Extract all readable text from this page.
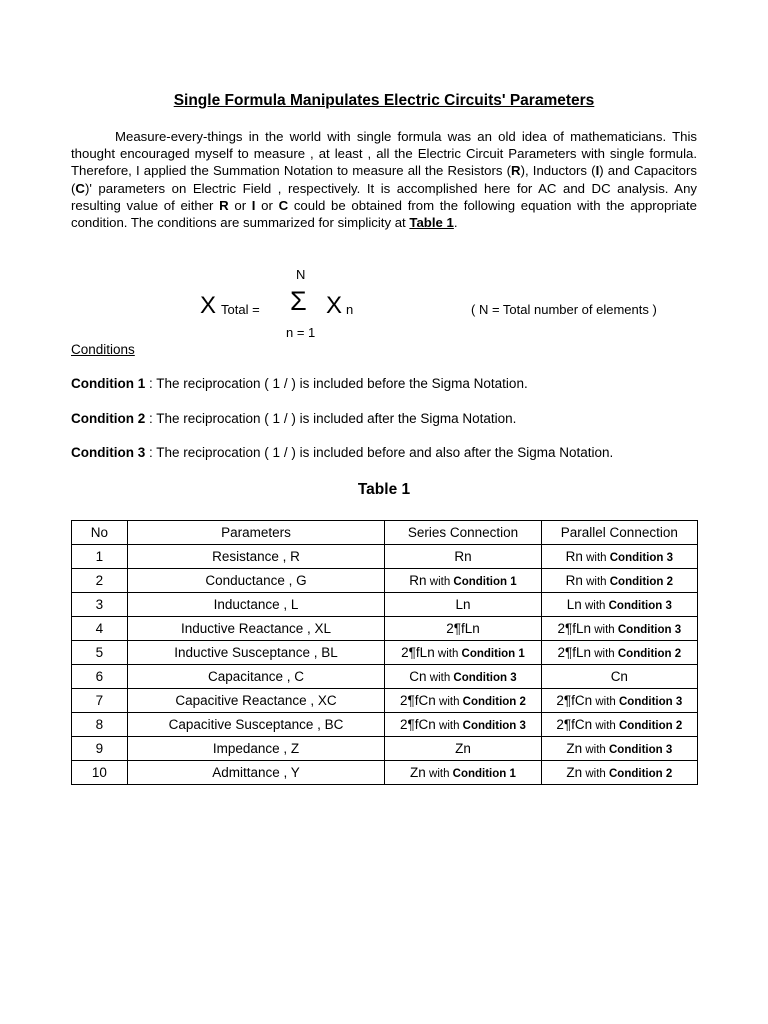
Single Formula Manipulates Electric Circuits' Parameters

Measure-every-things in the world with single formula was an old idea of mathematicians. This thought encouraged myself to measure , at least , all the Electric Circuit Parameters with single formula. Therefore, I applied the Summation Notation to measure all the Resistors (R), Inductors (I) and Capacitors (C)' parameters on Electric Field , respectively. It is accomplished here for AC and DC analysis. Any resulting value of either R or I or C could be obtained from the following equation with the appropriate condition. The conditions are summarized for simplicity at Table 1.

N
X Total = Σ X n
n = 1
( N = Total number of elements )
Conditions
Condition 1 : The reciprocation ( 1 / ) is included before the Sigma Notation.
Condition 2 : The reciprocation ( 1 / ) is included after the Sigma Notation.
Condition 3 : The reciprocation ( 1 / ) is included before and also after the Sigma Notation.
Table 1
No	Parameters	Series Connection	Parallel Connection
1	Resistance , R	Rn	Rn with Condition 3
2	Conductance , G	Rn with Condition 1	Rn with Condition 2
3	Inductance , L	Ln	Ln with Condition 3
4	Inductive Reactance , XL	2¶fLn	2¶fLn with Condition 3
5	Inductive Susceptance , BL	2¶fLn with Condition 1	2¶fLn with Condition 2
6	Capacitance , C	Cn with Condition 3	Cn
7	Capacitive Reactance , XC	2¶fCn with Condition 2	2¶fCn with Condition 3
8	Capacitive Susceptance , BC	2¶fCn with Condition 3	2¶fCn with Condition 2
9	Impedance , Z	Zn	Zn with Condition 3
10	Admittance , Y	Zn with Condition 1	Zn with Condition 2
